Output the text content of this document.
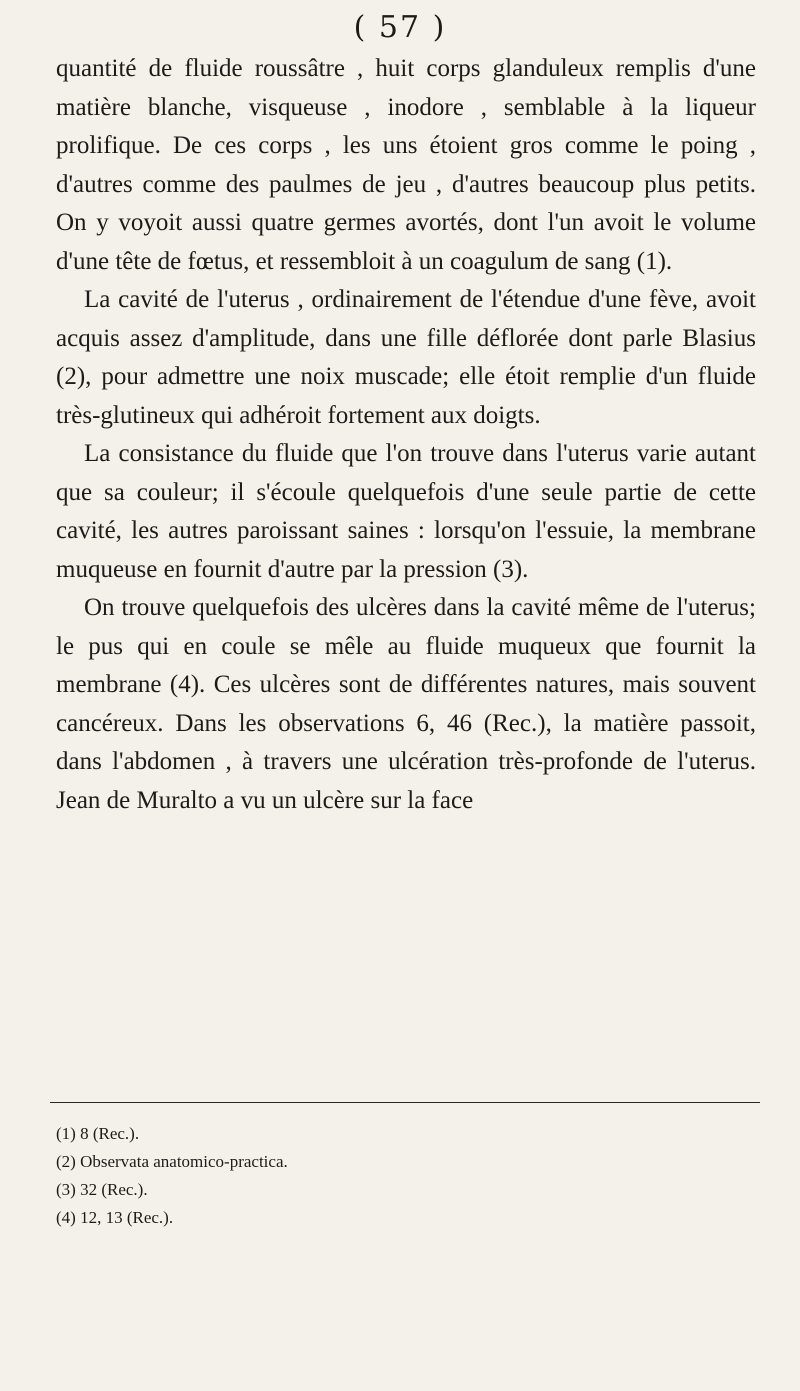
( 57 )

quantité de fluide roussâtre , huit corps glanduleux remplis d'une matière blanche, visqueuse , inodore , semblable à la liqueur prolifique. De ces corps , les uns étoient gros comme le poing , d'autres comme des paulmes de jeu , d'autres beaucoup plus petits. On y voyoit aussi quatre germes avortés, dont l'un avoit le volume d'une tête de fœtus, et ressembloit à un coagulum de sang (1).

La cavité de l'uterus , ordinairement de l'étendue d'une fève, avoit acquis assez d'amplitude, dans une fille déflorée dont parle Blasius (2), pour admettre une noix muscade; elle étoit remplie d'un fluide très-glutineux qui adhéroit fortement aux doigts.

La consistance du fluide que l'on trouve dans l'uterus varie autant que sa couleur; il s'écoule quelquefois d'une seule partie de cette cavité, les autres paroissant saines : lorsqu'on l'essuie, la membrane muqueuse en fournit d'autre par la pression (3).

On trouve quelquefois des ulcères dans la cavité même de l'uterus; le pus qui en coule se mêle au fluide muqueux que fournit la membrane (4). Ces ulcères sont de différentes natures, mais souvent cancéreux. Dans les observations 6, 46 (Rec.), la matière passoit, dans l'abdomen , à travers une ulcération très-profonde de l'uterus. Jean de Muralto a vu un ulcère sur la face

(1) 8 (Rec.).

(2) Observata anatomico-practica.

(3) 32 (Rec.).

(4) 12, 13 (Rec.).
